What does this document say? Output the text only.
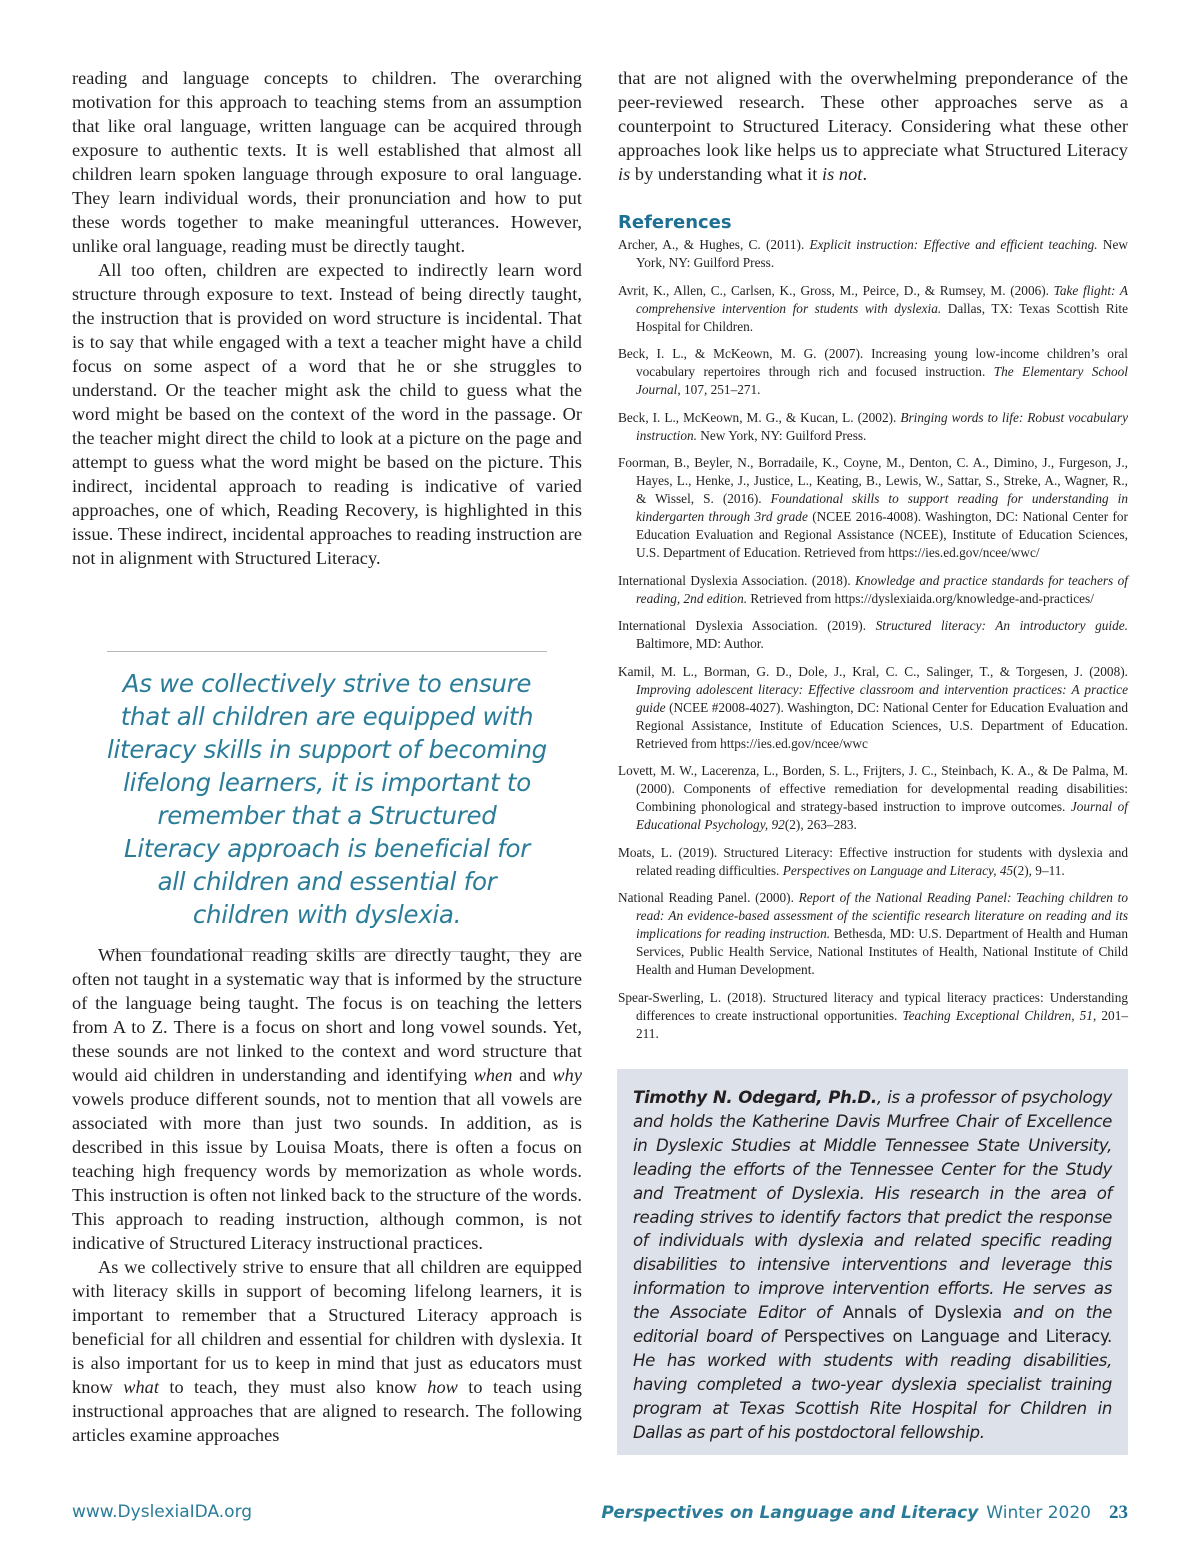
reading and language concepts to children. The overarching motivation for this approach to teaching stems from an assumption that like oral language, written language can be acquired through exposure to authentic texts. It is well established that almost all children learn spoken language through exposure to oral language. They learn individual words, their pronunciation and how to put these words together to make meaningful utterances. However, unlike oral language, reading must be directly taught.

All too often, children are expected to indirectly learn word structure through exposure to text. Instead of being directly taught, the instruction that is provided on word structure is incidental. That is to say that while engaged with a text a teacher might have a child focus on some aspect of a word that he or she struggles to understand. Or the teacher might ask the child to guess what the word might be based on the context of the word in the passage. Or the teacher might direct the child to look at a picture on the page and attempt to guess what the word might be based on the picture. This indirect, incidental approach to reading is indicative of varied approaches, one of which, Reading Recovery, is highlighted in this issue. These indirect, incidental approaches to reading instruction are not in alignment with Structured Literacy.

As we collectively strive to ensure that all children are equipped with literacy skills in support of becoming lifelong learners, it is important to remember that a Structured Literacy approach is beneficial for all children and essential for children with dyslexia.

When foundational reading skills are directly taught, they are often not taught in a systematic way that is informed by the structure of the language being taught. The focus is on teaching the letters from A to Z. There is a focus on short and long vowel sounds. Yet, these sounds are not linked to the context and word structure that would aid children in understanding and identifying when and why vowels produce different sounds, not to mention that all vowels are associated with more than just two sounds. In addition, as is described in this issue by Louisa Moats, there is often a focus on teaching high frequency words by memorization as whole words. This instruction is often not linked back to the structure of the words. This approach to reading instruction, although common, is not indicative of Structured Literacy instructional practices.

As we collectively strive to ensure that all children are equipped with literacy skills in support of becoming lifelong learners, it is important to remember that a Structured Literacy approach is beneficial for all children and essential for children with dyslexia. It is also important for us to keep in mind that just as educators must know what to teach, they must also know how to teach using instructional approaches that are aligned to research. The following articles examine approaches

that are not aligned with the overwhelming preponderance of the peer-reviewed research. These other approaches serve as a counterpoint to Structured Literacy. Considering what these other approaches look like helps us to appreciate what Structured Literacy is by understanding what it is not.

References

Archer, A., & Hughes, C. (2011). Explicit instruction: Effective and efficient teaching. New York, NY: Guilford Press.

Avrit, K., Allen, C., Carlsen, K., Gross, M., Peirce, D., & Rumsey, M. (2006). Take flight: A comprehensive intervention for students with dyslexia. Dallas, TX: Texas Scottish Rite Hospital for Children.

Beck, I. L., & McKeown, M. G. (2007). Increasing young low-income children’s oral vocabulary repertoires through rich and focused instruction. The Elementary School Journal, 107, 251–271.

Beck, I. L., McKeown, M. G., & Kucan, L. (2002). Bringing words to life: Robust vocabulary instruction. New York, NY: Guilford Press.

Foorman, B., Beyler, N., Borradaile, K., Coyne, M., Denton, C. A., Dimino, J., Furgeson, J., Hayes, L., Henke, J., Justice, L., Keating, B., Lewis, W., Sattar, S., Streke, A., Wagner, R., & Wissel, S. (2016). Foundational skills to support reading for understanding in kindergarten through 3rd grade (NCEE 2016-4008). Washington, DC: National Center for Education Evaluation and Regional Assistance (NCEE), Institute of Education Sciences, U.S. Department of Education. Retrieved from https://ies.ed.gov/ncee/wwc/

International Dyslexia Association. (2018). Knowledge and practice standards for teachers of reading, 2nd edition. Retrieved from https://dyslexiaida.org/knowledge-and-practices/

International Dyslexia Association. (2019). Structured literacy: An introductory guide. Baltimore, MD: Author.

Kamil, M. L., Borman, G. D., Dole, J., Kral, C. C., Salinger, T., & Torgesen, J. (2008). Improving adolescent literacy: Effective classroom and intervention practices: A practice guide (NCEE #2008-4027). Washington, DC: National Center for Education Evaluation and Regional Assistance, Institute of Education Sciences, U.S. Department of Education. Retrieved from https://ies.ed.gov/ncee/wwc

Lovett, M. W., Lacerenza, L., Borden, S. L., Frijters, J. C., Steinbach, K. A., & De Palma, M. (2000). Components of effective remediation for developmental reading disabilities: Combining phonological and strategy-based instruction to improve outcomes. Journal of Educational Psychology, 92(2), 263–283.

Moats, L. (2019). Structured Literacy: Effective instruction for students with dyslexia and related reading difficulties. Perspectives on Language and Literacy, 45(2), 9–11.

National Reading Panel. (2000). Report of the National Reading Panel: Teaching children to read: An evidence-based assessment of the scientific research literature on reading and its implications for reading instruction. Bethesda, MD: U.S. Department of Health and Human Services, Public Health Service, National Institutes of Health, National Institute of Child Health and Human Development.

Spear-Swerling, L. (2018). Structured literacy and typical literacy practices: Understanding differences to create instructional opportunities. Teaching Exceptional Children, 51, 201–211.

Timothy N. Odegard, Ph.D., is a professor of psychology and holds the Katherine Davis Murfree Chair of Excellence in Dyslexic Studies at Middle Tennessee State University, leading the efforts of the Tennessee Center for the Study and Treatment of Dyslexia. His research in the area of reading strives to identify factors that predict the response of individuals with dyslexia and related specific reading disabilities to intensive interventions and leverage this information to improve intervention efforts. He serves as the Associate Editor of Annals of Dyslexia and on the editorial board of Perspectives on Language and Literacy. He has worked with students with reading disabilities, having completed a two-year dyslexia specialist training program at Texas Scottish Rite Hospital for Children in Dallas as part of his postdoctoral fellowship.

www.DyslexiaIDA.org	Perspectives on Language and Literacy Winter 2020 23
